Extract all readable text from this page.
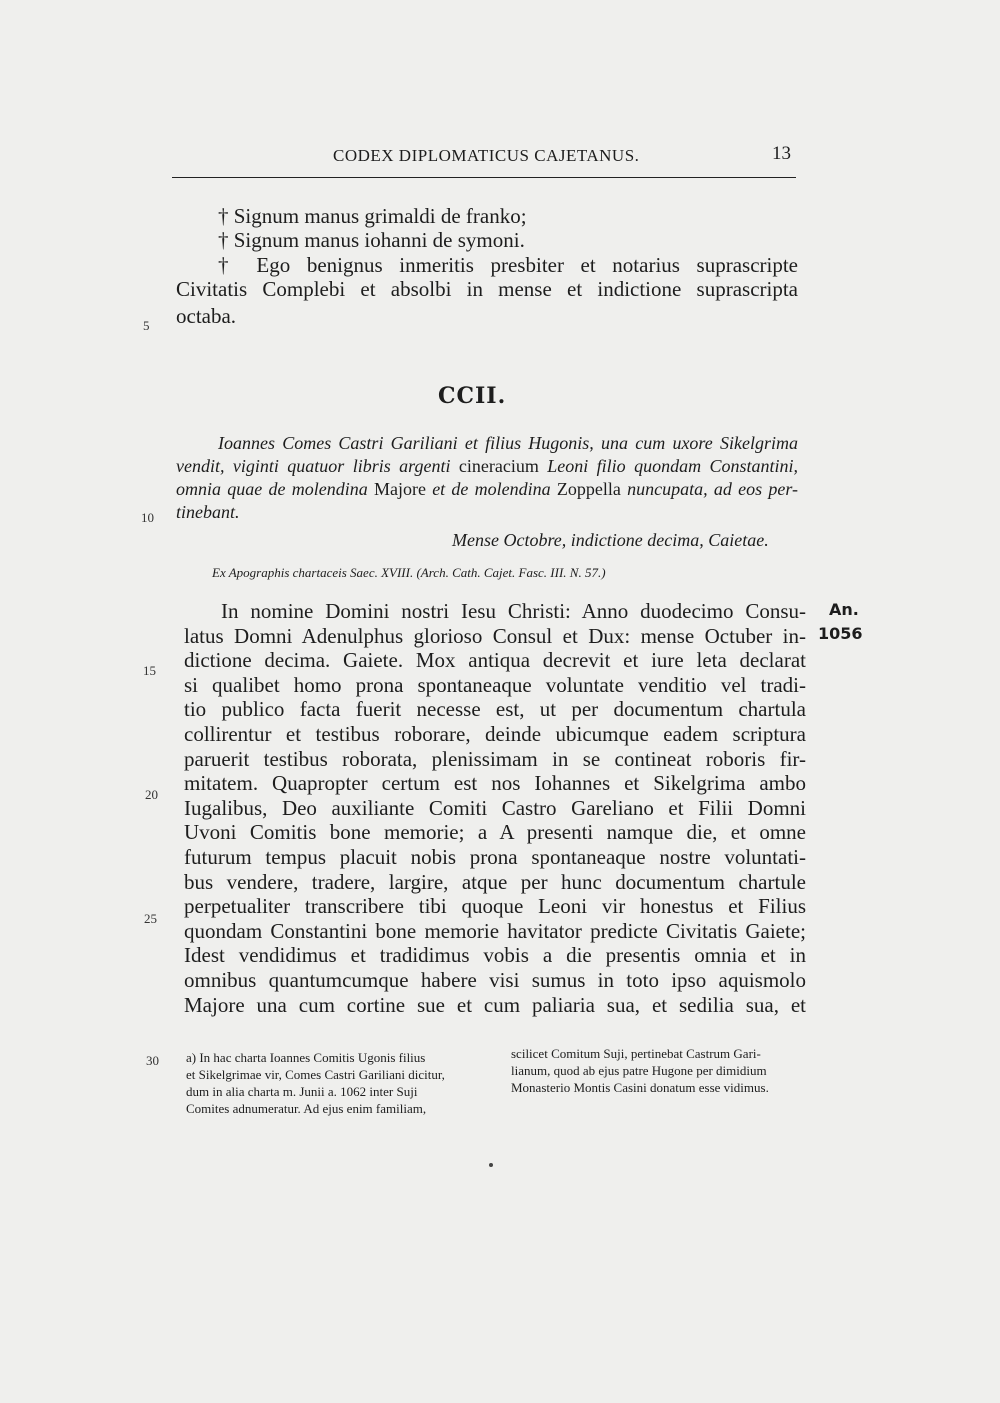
CODEX DIPLOMATICUS CAJETANUS.	13
† Signum manus grimaldi de franko;
† Signum manus iohanni de symoni.
† Ego benignus inmeritis presbiter et notarius suprascripte
Civitatis Complebi et absolbi in mense et indictione suprascripta
octaba.
CCII.
Ioannes Comes Castri Gariliani et filius Hugonis, una cum uxore Sikelgrima
vendit, viginti quatuor libris argenti cineracium Leoni filio quondam Constantini,
omnia quae de molendina Majore et de molendina Zoppella nuncupata, ad eos per-
tinebant.
Mense Octobre, indictione decima, Caietae.
Ex Apographis chartaceis Saec. XVIII. (Arch. Cath. Cajet. Fasc. III. N. 57.)
An.
1056
In nomine Domini nostri Iesu Christi: Anno duodecimo Consu-
latus Domni Adenulphus glorioso Consul et Dux: mense Octuber in-
dictione decima. Gaiete. Mox antiqua decrevit et iure leta declarat
si qualibet homo prona spontaneaque voluntate venditio vel tradi-
tio publico facta fuerit necesse est, ut per documentum chartula
collirentur et testibus roborare, deinde ubicumque eadem scriptura
paruerit testibus roborata, plenissimam in se contineat roboris fir-
mitatem. Quapropter certum est nos Iohannes et Sikelgrima ambo
Iugalibus, Deo auxiliante Comiti Castro Gareliano et Filii Domni
Uvoni Comitis bone memorie; a A presenti namque die, et omne
futurum tempus placuit nobis prona spontaneaque nostre voluntati-
bus vendere, tradere, largire, atque per hunc documentum chartule
perpetualiter transcribere tibi quoque Leoni vir honestus et Filius
quondam Constantini bone memorie havitator predicte Civitatis Gaiete;
Idest vendidimus et tradidimus vobis a die presentis omnia et in
omnibus quantumcumque habere visi sumus in toto ipso aquismolo
Majore una cum cortine sue et cum paliaria sua, et sedilia sua, et
5
10
15
20
25
30 a) In hac charta Ioannes Comitis Ugonis filius
et Sikelgrimae vir, Comes Castri Gariliani dicitur,
dum in alia charta m. Junii a. 1062 inter Suji
Comites adnumeratur. Ad ejus enim familiam,
scilicet Comitum Suji, pertinebat Castrum Gari-
lianum, quod ab ejus patre Hugone per dimidium
Monasterio Montis Casini donatum esse vidimus.
